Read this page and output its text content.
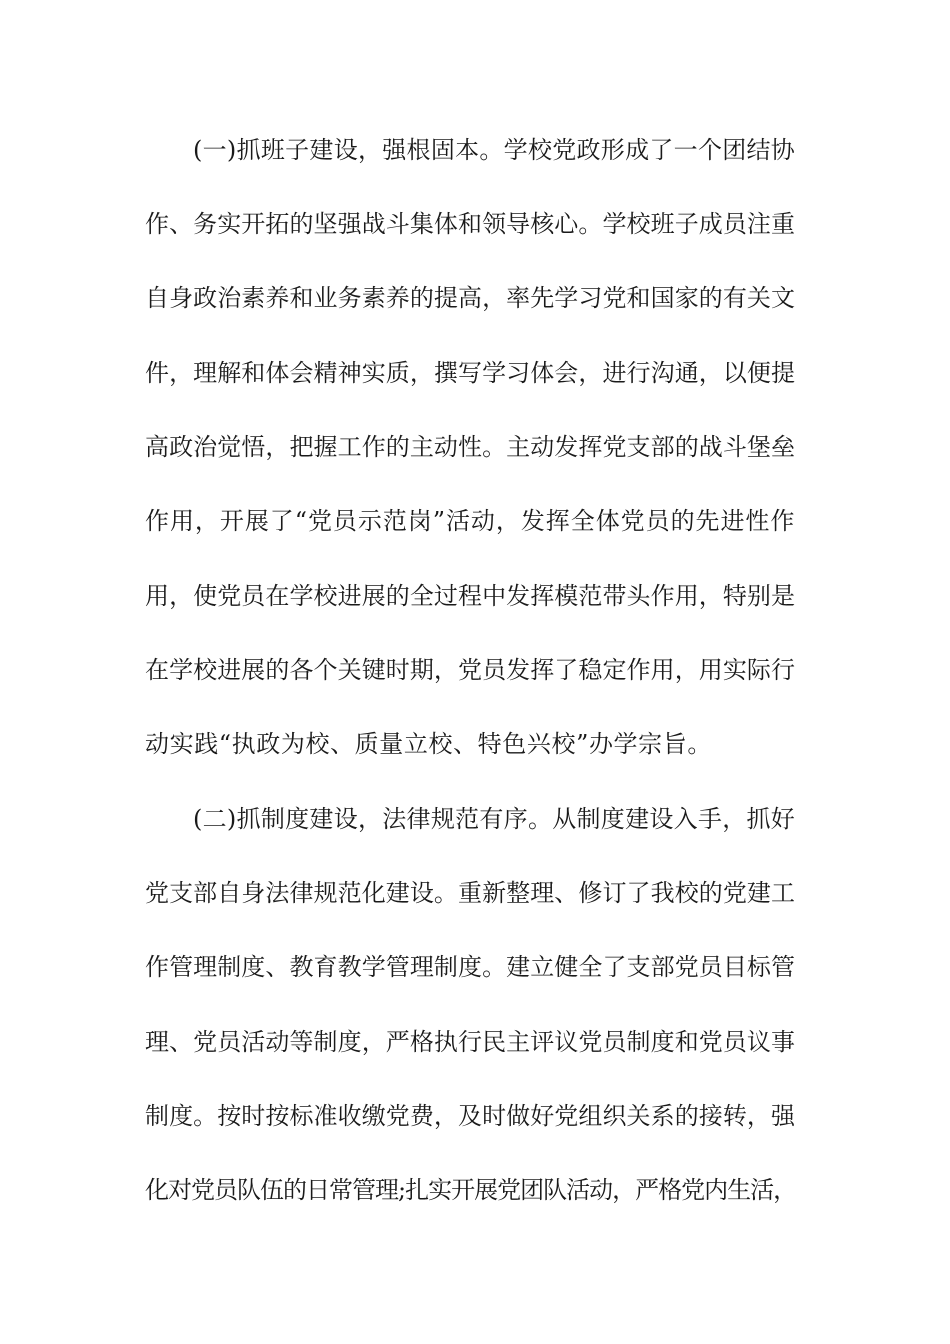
(一)抓班子建设，强根固本。学校党政形成了一个团结协
作、务实开拓的坚强战斗集体和领导核心。学校班子成员注重
自身政治素养和业务素养的提高，率先学习党和国家的有关文
件，理解和体会精神实质，撰写学习体会，进行沟通，以便提
高政治觉悟，把握工作的主动性。主动发挥党支部的战斗堡垒
作用，开展了“党员示范岗”活动，发挥全体党员的先进性作
用，使党员在学校进展的全过程中发挥模范带头作用，特别是
在学校进展的各个关键时期，党员发挥了稳定作用，用实际行
动实践“执政为校、质量立校、特色兴校”办学宗旨。
(二)抓制度建设，法律规范有序。从制度建设入手，抓好
党支部自身法律规范化建设。重新整理、修订了我校的党建工
作管理制度、教育教学管理制度。建立健全了支部党员目标管
理、党员活动等制度，严格执行民主评议党员制度和党员议事
制度。按时按标准收缴党费，及时做好党组织关系的接转，强
化对党员队伍的日常管理;扎实开展党团队活动，严格党内生活，
